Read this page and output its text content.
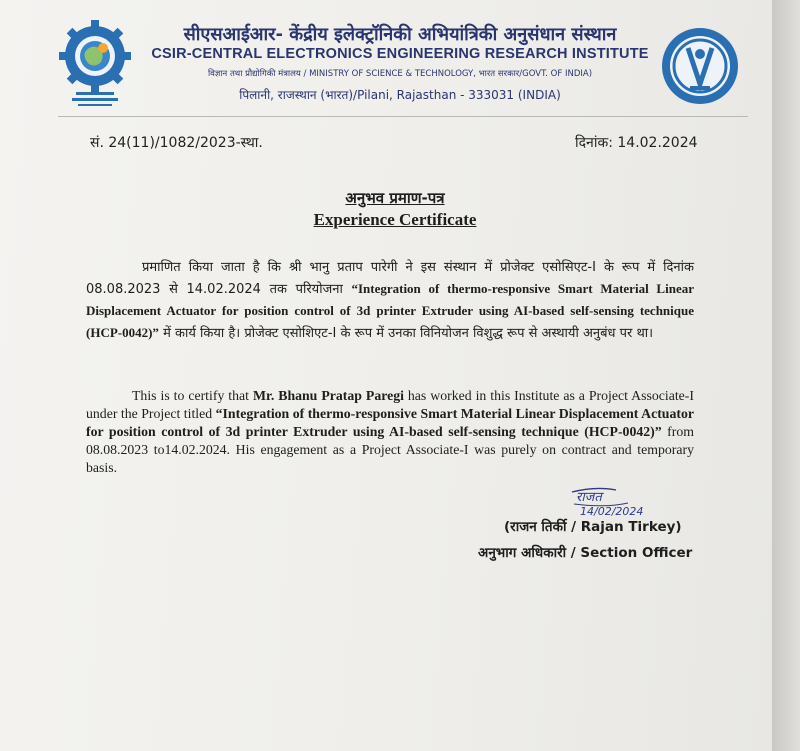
सीएसआईआर- केंद्रीय इलेक्ट्रॉनिकी अभियांत्रिकी अनुसंधान संस्थान
CSIR-CENTRAL ELECTRONICS ENGINEERING RESEARCH INSTITUTE
विज्ञान तथा प्रौद्योगिकी मंत्रालय / MINISTRY OF SCIENCE & TECHNOLOGY, भारत सरकार/GOVT. OF INDIA)
पिलानी, राजस्थान (भारत)/Pilani, Rajasthan - 333031 (INDIA)
सं. 24(11)/1082/2023-स्था.	दिनांक: 14.02.2024
अनुभव प्रमाण-पत्र
Experience Certificate

प्रमाणित किया जाता है कि श्री भानु प्रताप पारेगी ने इस संस्थान में प्रोजेक्ट एसोसिएट-I के रूप में दिनांक 08.08.2023 से 14.02.2024 तक परियोजना “Integration of thermo-responsive Smart Material Linear Displacement Actuator for position control of 3d printer Extruder using AI-based self-sensing technique (HCP-0042)” में कार्य किया है। प्रोजेक्ट एसोशिएट-I के रूप में उनका विनियोजन विशुद्ध रूप से अस्थायी अनुबंध पर था।

This is to certify that Mr. Bhanu Pratap Paregi has worked in this Institute as a Project Associate-I under the Project titled “Integration of thermo-responsive Smart Material Linear Displacement Actuator for position control of 3d printer Extruder using AI-based self-sensing technique (HCP-0042)” from 08.08.2023 to14.02.2024. His engagement as a Project Associate-I was purely on contract and temporary basis.

राजत
14/02/2024
(राजन तिर्की / Rajan Tirkey)
अनुभाग अधिकारी / Section Officer
